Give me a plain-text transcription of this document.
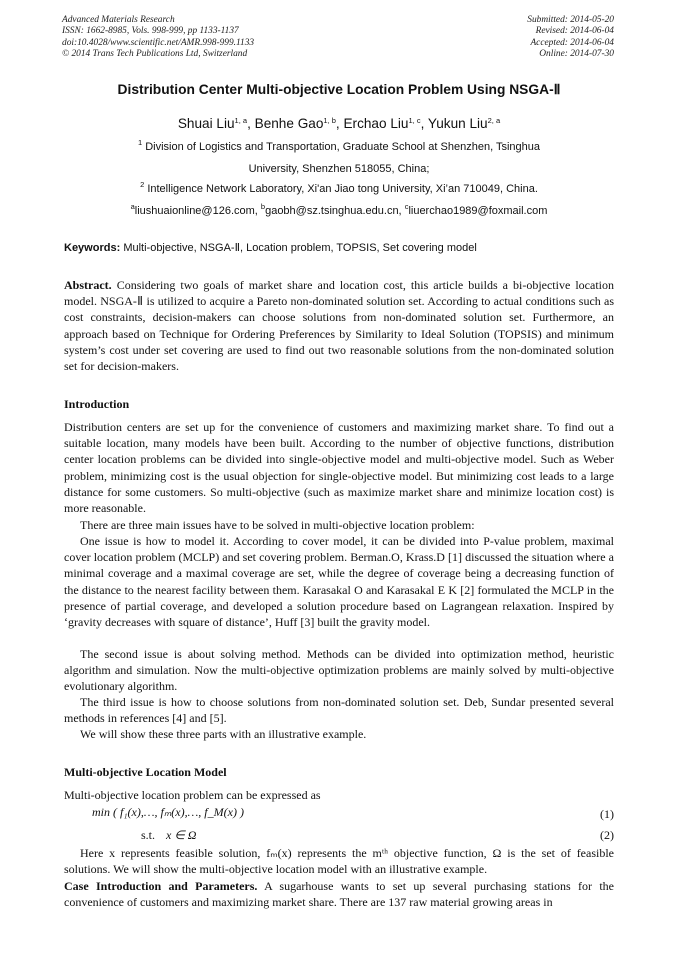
Advanced Materials Research
ISSN: 1662-8985, Vols. 998-999, pp 1133-1137
doi:10.4028/www.scientific.net/AMR.998-999.1133
© 2014 Trans Tech Publications Ltd, Switzerland
Submitted: 2014-05-20
Revised: 2014-06-04
Accepted: 2014-06-04
Online: 2014-07-30
Distribution Center Multi-objective Location Problem Using NSGA-Ⅱ
Shuai Liu$^{1, a}$, Benhe Gao$^{1, b}$, Erchao Liu$^{1, c}$, Yukun Liu$^{2, a}$
$^1$ Division of Logistics and Transportation, Graduate School at Shenzhen, Tsinghua
University, Shenzhen 518055, China;
$^2$ Intelligence Network Laboratory, Xi'an Jiao tong University, Xi’an 710049, China.
$^a$liushuaionline@126.com, $^b$gaobh@sz.tsinghua.edu.cn, $^c$liuerchao1989@foxmail.com
Keywords: Multi-objective, NSGA-Ⅱ, Location problem, TOPSIS, Set covering model

Abstract. Considering two goals of market share and location cost, this article builds a bi-objective location model. NSGA-Ⅱ is utilized to acquire a Pareto non-dominated solution set. According to actual conditions such as cost constraints, decision-makers can choose solutions from non-dominated solution set. Furthermore, an approach based on Technique for Ordering Preferences by Similarity to Ideal Solution (TOPSIS) and minimum system’s cost under set covering are used to find out two reasonable solutions from the non-dominated solution set for decision-makers.

Introduction

Distribution centers are set up for the convenience of customers and maximizing market share. To find out a suitable location, many models have been built. According to the number of objective functions, distribution center location problems can be divided into single-objective model and multi-objective model. Such as Weber problem, minimizing cost is the usual objection for single-objective model. But minimizing cost leads to a large distance for some customers. So multi-objective (such as maximize market share and minimize location cost) is more reasonable.

There are three main issues have to be solved in multi-objective location problem:

One issue is how to model it. According to cover model, it can be divided into P-value problem, maximal cover location problem (MCLP) and set covering problem. Berman.O, Krass.D [1] discussed the situation where a minimal coverage and a maximal coverage are set, while the degree of coverage being a decreasing function of the distance to the nearest facility between them. Karasakal O and Karasakal E K [2] formulated the MCLP in the presence of partial coverage, and developed a solution procedure based on Lagrangean relaxation. Inspired by ‘gravity decreases with square of distance’, Huff [3] built the gravity model.

The second issue is about solving method. Methods can be divided into optimization method, heuristic algorithm and simulation. Now the multi-objective optimization problems are mainly solved by multi-objective evolutionary algorithm.

The third issue is how to choose solutions from non-dominated solution set. Deb, Sundar presented several methods in references [4] and [5].

We will show these three parts with an illustrative example.

Multi-objective Location Model

Multi-objective location problem can be expressed as

min ( f₁(x),…, fₘ(x),…, f_M(x) )	(1)
s.t. x ∈ Ω	(2)

Here x represents feasible solution, fₘ(x) represents the mᵗʰ objective function, Ω is the set of feasible solutions. We will show the multi-objective location model with an illustrative example.

Case Introduction and Parameters. A sugarhouse wants to set up several purchasing stations for the convenience of customers and maximizing market share. There are 137 raw material growing areas in
